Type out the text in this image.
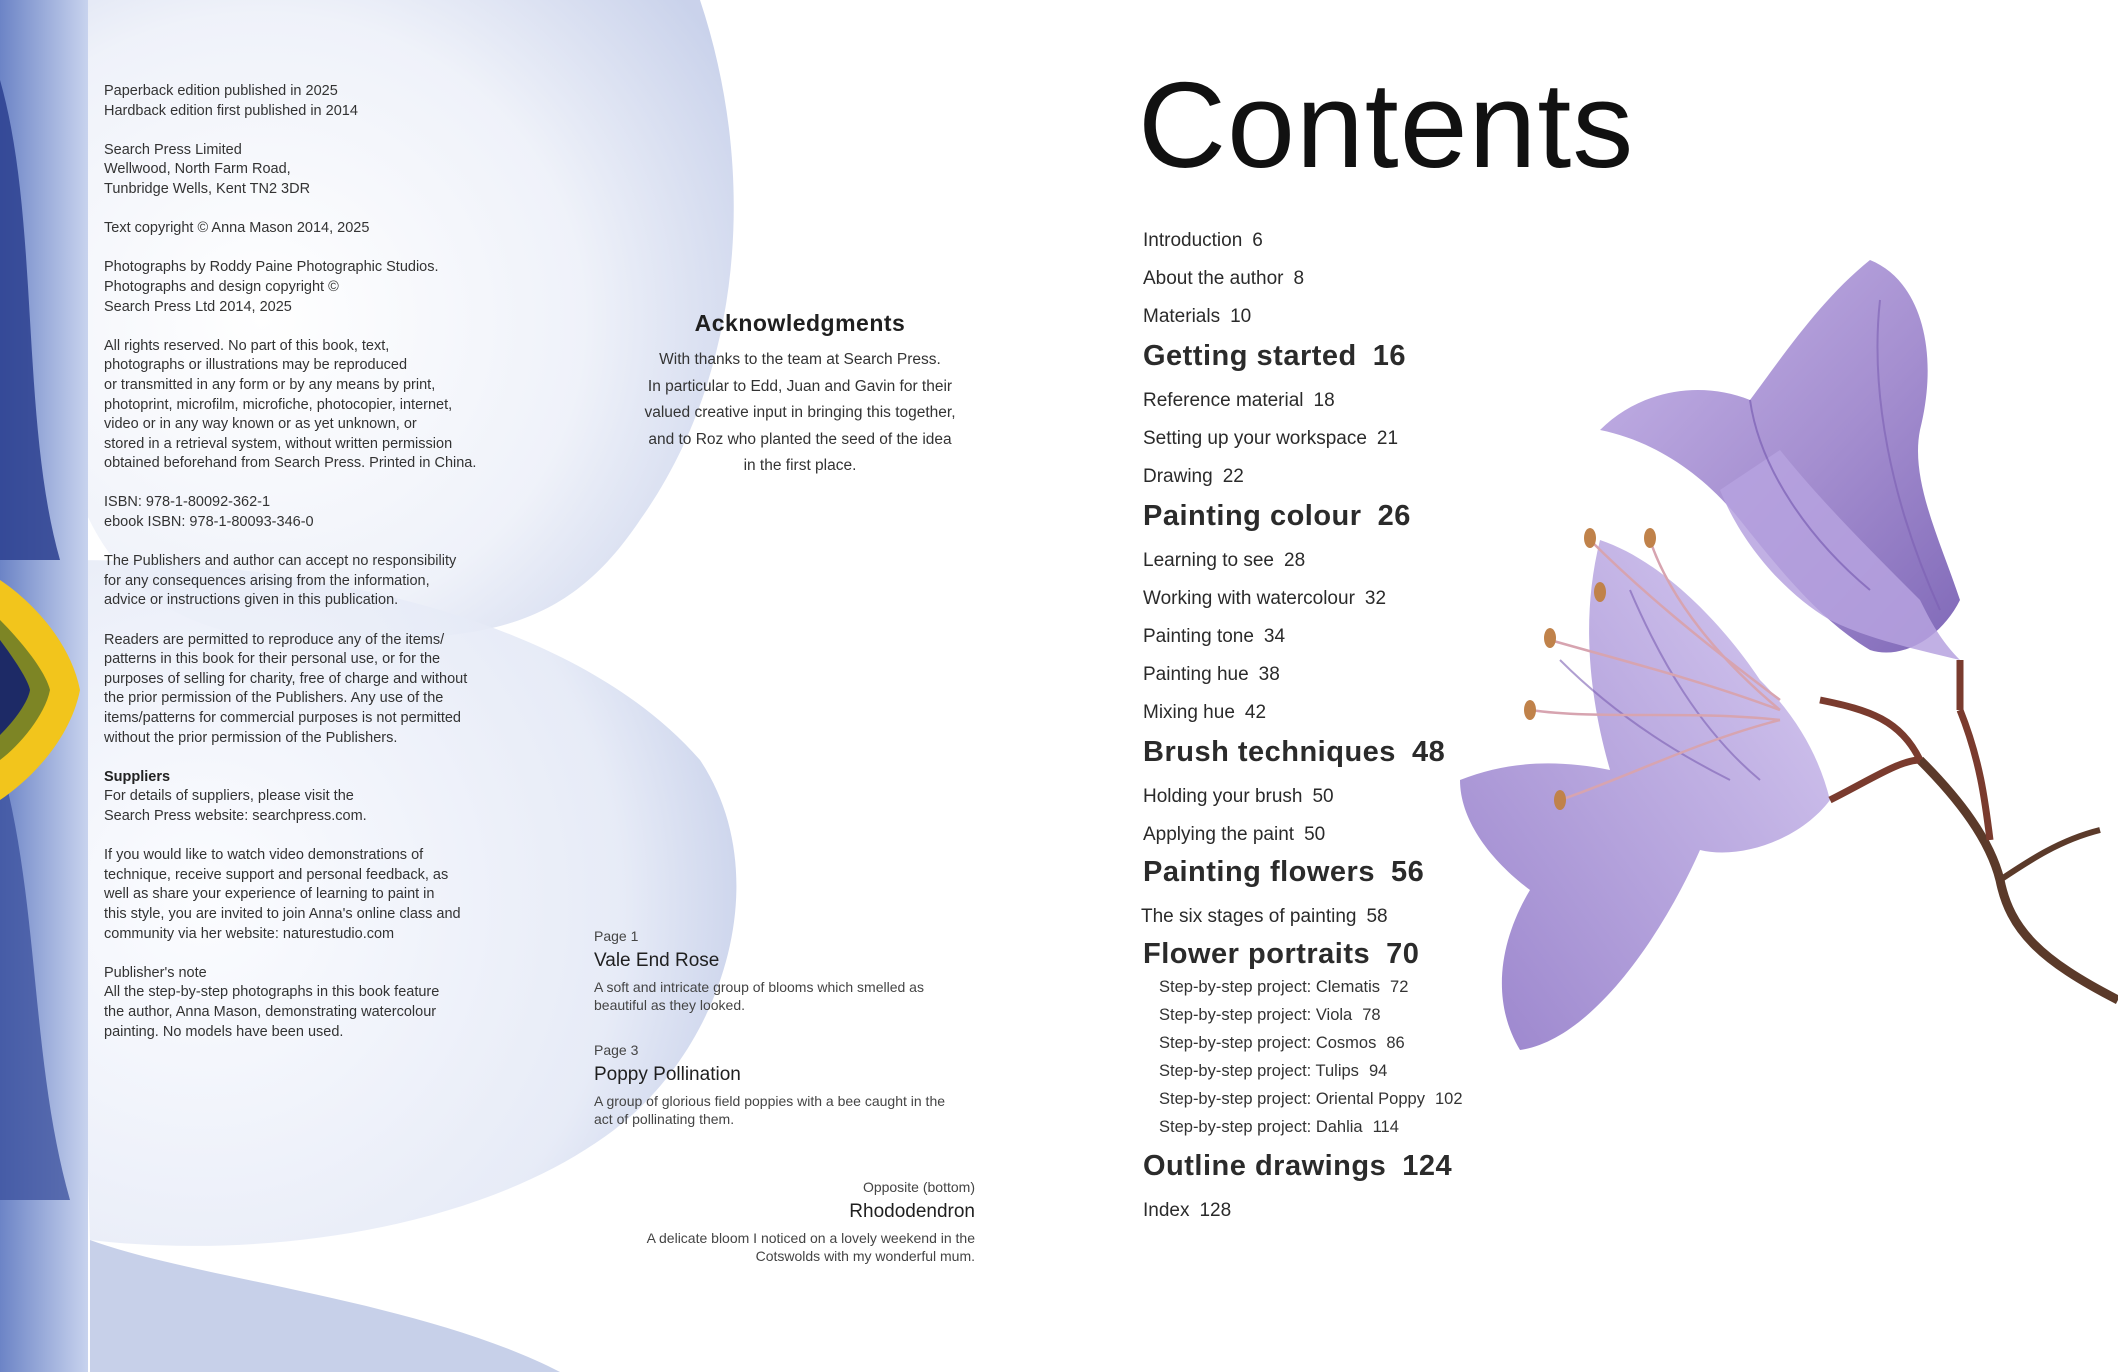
Paperback edition published in 2025
Hardback edition first published in 2014
Search Press Limited
Wellwood, North Farm Road,
Tunbridge Wells, Kent TN2 3DR
Text copyright © Anna Mason 2014, 2025
Photographs by Roddy Paine Photographic Studios.
Photographs and design copyright ©
Search Press Ltd 2014, 2025
All rights reserved. No part of this book, text,
photographs or illustrations may be reproduced
or transmitted in any form or by any means by print,
photoprint, microfilm, microfiche, photocopier, internet,
video or in any way known or as yet unknown, or
stored in a retrieval system, without written permission
obtained beforehand from Search Press. Printed in China.
ISBN: 978-1-80092-362-1
ebook ISBN: 978-1-80093-346-0
The Publishers and author can accept no responsibility
for any consequences arising from the information,
advice or instructions given in this publication.
Readers are permitted to reproduce any of the items/
patterns in this book for their personal use, or for the
purposes of selling for charity, free of charge and without
the prior permission of the Publishers. Any use of the
items/patterns for commercial purposes is not permitted
without the prior permission of the Publishers.
Suppliers
For details of suppliers, please visit the
Search Press website: searchpress.com.
If you would like to watch video demonstrations of
technique, receive support and personal feedback, as
well as share your experience of learning to paint in
this style, you are invited to join Anna's online class and
community via her website: naturestudio.com
Publisher's note
All the step-by-step photographs in this book feature
the author, Anna Mason, demonstrating watercolour
painting. No models have been used.
Acknowledgments
With thanks to the team at Search Press.
In particular to Edd, Juan and Gavin for their
valued creative input in bringing this together,
and to Roz who planted the seed of the idea
in the first place.
Page 1
Vale End Rose
A soft and intricate group of blooms which smelled as
beautiful as they looked.
Page 3
Poppy Pollination
A group of glorious field poppies with a bee caught in the
act of pollinating them.
Opposite (bottom)
Rhododendron
A delicate bloom I noticed on a lovely weekend in the
Cotswolds with my wonderful mum.
Contents
Introduction 6
About the author 8
Materials 10
Getting started 16
Reference material 18
Setting up your workspace 21
Drawing 22
Painting colour 26
Learning to see 28
Working with watercolour 32
Painting tone 34
Painting hue 38
Mixing hue 42
Brush techniques 48
Holding your brush 50
Applying the paint 50
Painting flowers 56
The six stages of painting 58
Flower portraits 70
Step-by-step project: Clematis 72
Step-by-step project: Viola 78
Step-by-step project: Cosmos 86
Step-by-step project: Tulips 94
Step-by-step project: Oriental Poppy 102
Step-by-step project: Dahlia 114
Outline drawings 124
Index 128
